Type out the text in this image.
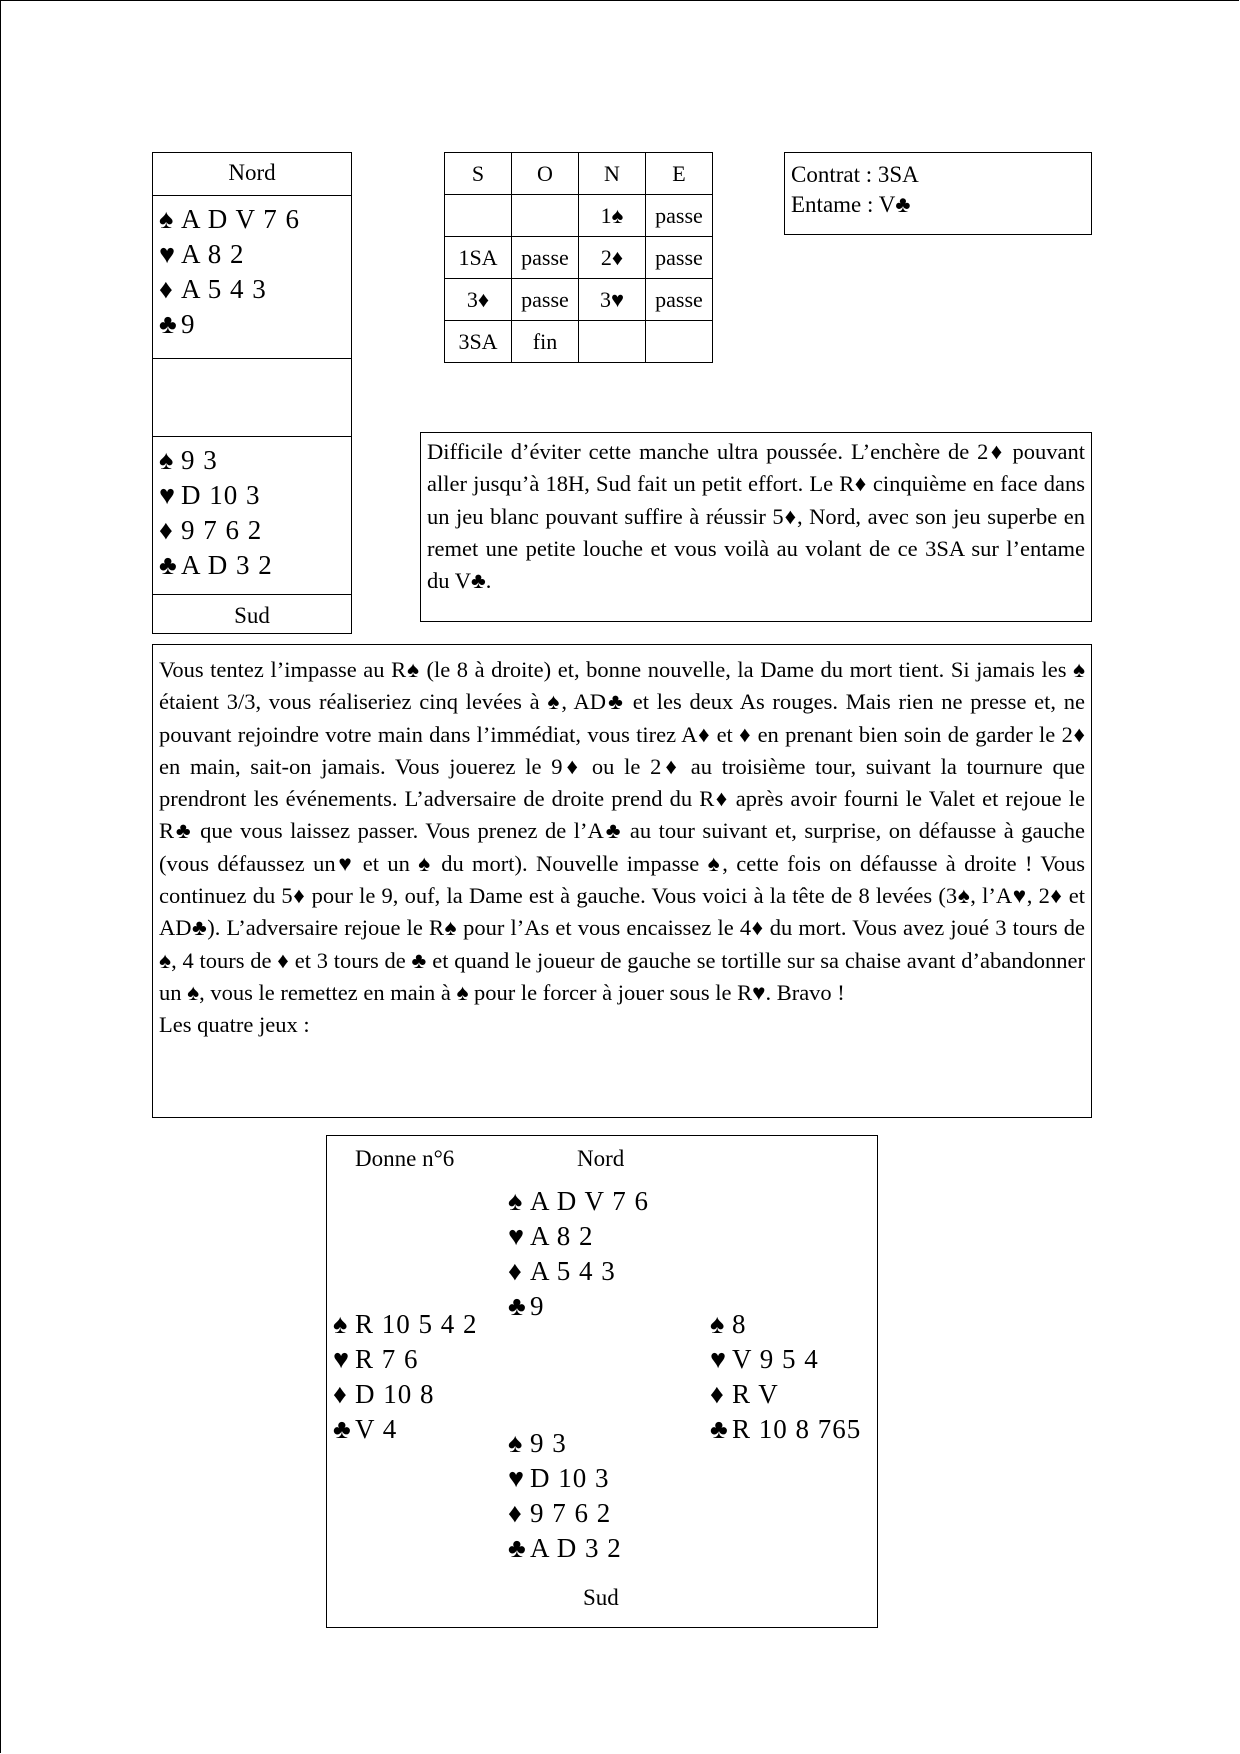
Nord
♠ A D V 7 6
♥ A 8 2
♦ A 5 4 3
♣ 9
♠ 9 3
♥ D 10 3
♦ 9 7 6 2
♣ A D 3 2
Sud
S	O	N	E
		1♠	passe
1SA	passe	2♦	passe
3♦	passe	3♥	passe
3SA	fin		
Contrat : 3SA
Entame : V♣
Difficile d’éviter cette manche ultra poussée. L’enchère de 2♦ pouvant aller jusqu’à 18H, Sud fait un petit effort. Le R♦ cinquième en face dans un jeu blanc pouvant suffire à réussir 5♦, Nord, avec son jeu superbe en remet une petite louche et vous voilà au volant de ce 3SA sur l’entame du V♣.
Vous tentez l’impasse au R♠ (le 8 à droite) et, bonne nouvelle, la Dame du mort tient. Si jamais les ♠ étaient 3/3, vous réaliseriez cinq levées à ♠, AD♣ et les deux As rouges. Mais rien ne presse et, ne pouvant rejoindre votre main dans l’immédiat, vous tirez A♦ et ♦ en prenant bien soin de garder le 2♦ en main, sait-on jamais. Vous jouerez le 9♦ ou le 2♦ au troisième tour, suivant la tournure que prendront les événements. L’adversaire de droite prend du R♦ après avoir fourni le Valet et rejoue le R♣ que vous laissez passer. Vous prenez de l’A♣ au tour suivant et, surprise, on défausse à gauche (vous défaussez un♥ et un ♠ du mort). Nouvelle impasse ♠, cette fois on défausse à droite ! Vous continuez du 5♦ pour le 9, ouf, la Dame est à gauche. Vous voici à la tête de 8 levées (3♠, l’A♥, 2♦ et AD♣). L’adversaire rejoue le R♠ pour l’As et vous encaissez le 4♦ du mort. Vous avez joué 3 tours de ♠, 4 tours de ♦ et 3 tours de ♣ et quand le joueur de gauche se tortille sur sa chaise avant d’abandonner un ♠, vous le remettez en main à ♠ pour le forcer à jouer sous le R♥. Bravo !
Les quatre jeux :
Donne n°6	Nord
♠ A D V 7 6
♥ A 8 2
♦ A 5 4 3
♣ 9
♠ R 10 5 4 2
♥ R 7 6
♦ D 10 8
♣ V 4
♠ 8
♥ V 9 5 4
♦ R V
♣ R 10 8 765
♠ 9 3
♥ D 10 3
♦ 9 7 6 2
♣ A D 3 2
Sud
